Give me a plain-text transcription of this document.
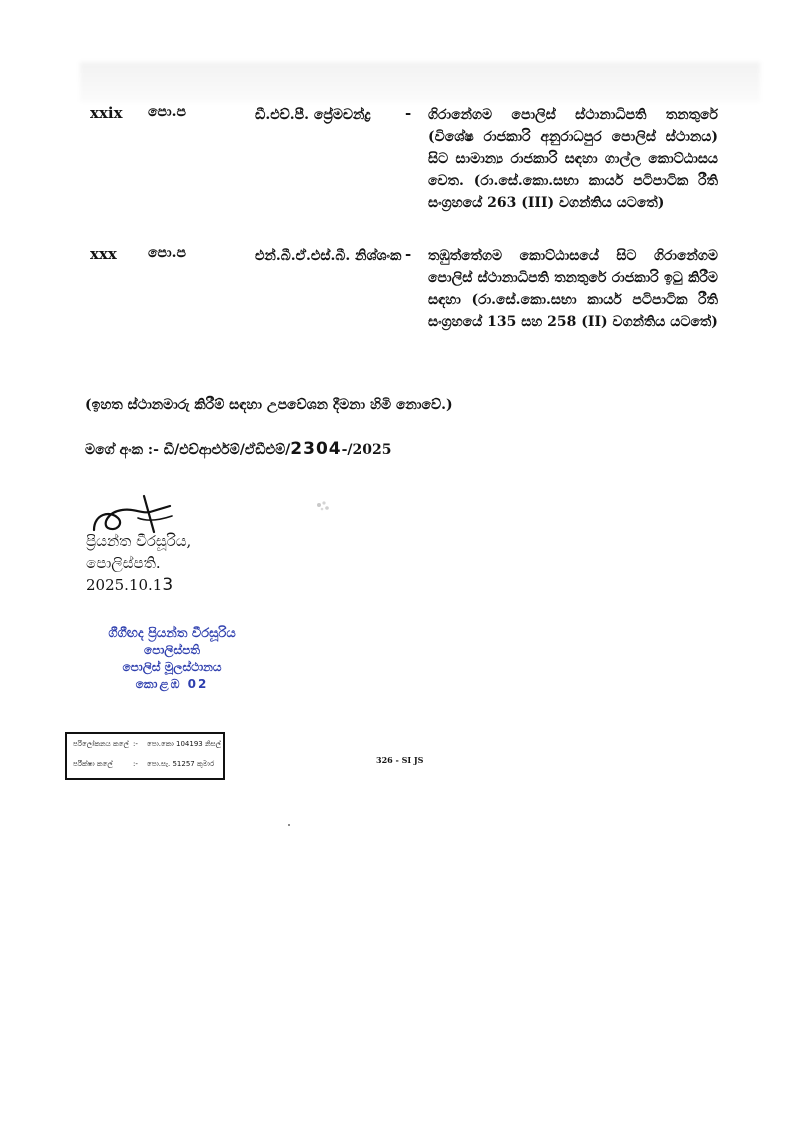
xxix පො.ප	ඩී.එච්.පී. ප්‍රේමචන්ද්‍ර	- ගිරානේගම පොලිස් ස්ථානාධිපති තනතුරේ (විශේෂ රාජකාරි අනුරාධපුර පොලිස් ස්ථානය) සිට සාමාන්‍ය රාජකාරි සඳහා ගාල්ල කොට්ඨාසය වෙත. (රා.සේ.කො.සභා කාර්ය පටිපාටික රීති සංග්‍රහයේ 263 (III) වගන්තිය යටතේ)
xxx පො.ප	එන්.බී.ඒ.එස්.බී. නිශ්ශංක - තඹුත්තේගම කොට්ඨාසයේ සිට ගිරානේගම පොලිස් ස්ථානාධිපති තනතුරේ රාජකාරි ඉටු කිරීම සඳහා (රා.සේ.කො.සභා කාර්ය පටිපාටික රීති සංග්‍රහයේ 135 සහ 258 (II) වගන්තිය යටතේ)
(ඉහත ස්ථානමාරු කිරීම් සඳහා උපවේශන දීමනා හිමි නොවේ.)
මගේ අංක :- ඩී/එච්ආර්එම්/ඒඩීඑම්/2304-/2025
ප්‍රියන්ත වීරසූරිය,
පොලිස්පති.
2025.10.13
ගීගීඟද ප්‍රියන්ත වීරසූරිය
පොලිස්පති
පොලිස් මූලස්ථානය
කොළඹ 02
පරිලෝකනය කලේ :- පො.කො 104193 නිසල්
පරීක්ෂා කලේ	:- පො.සැ. 51257 කුමාර	326 - SI JS
